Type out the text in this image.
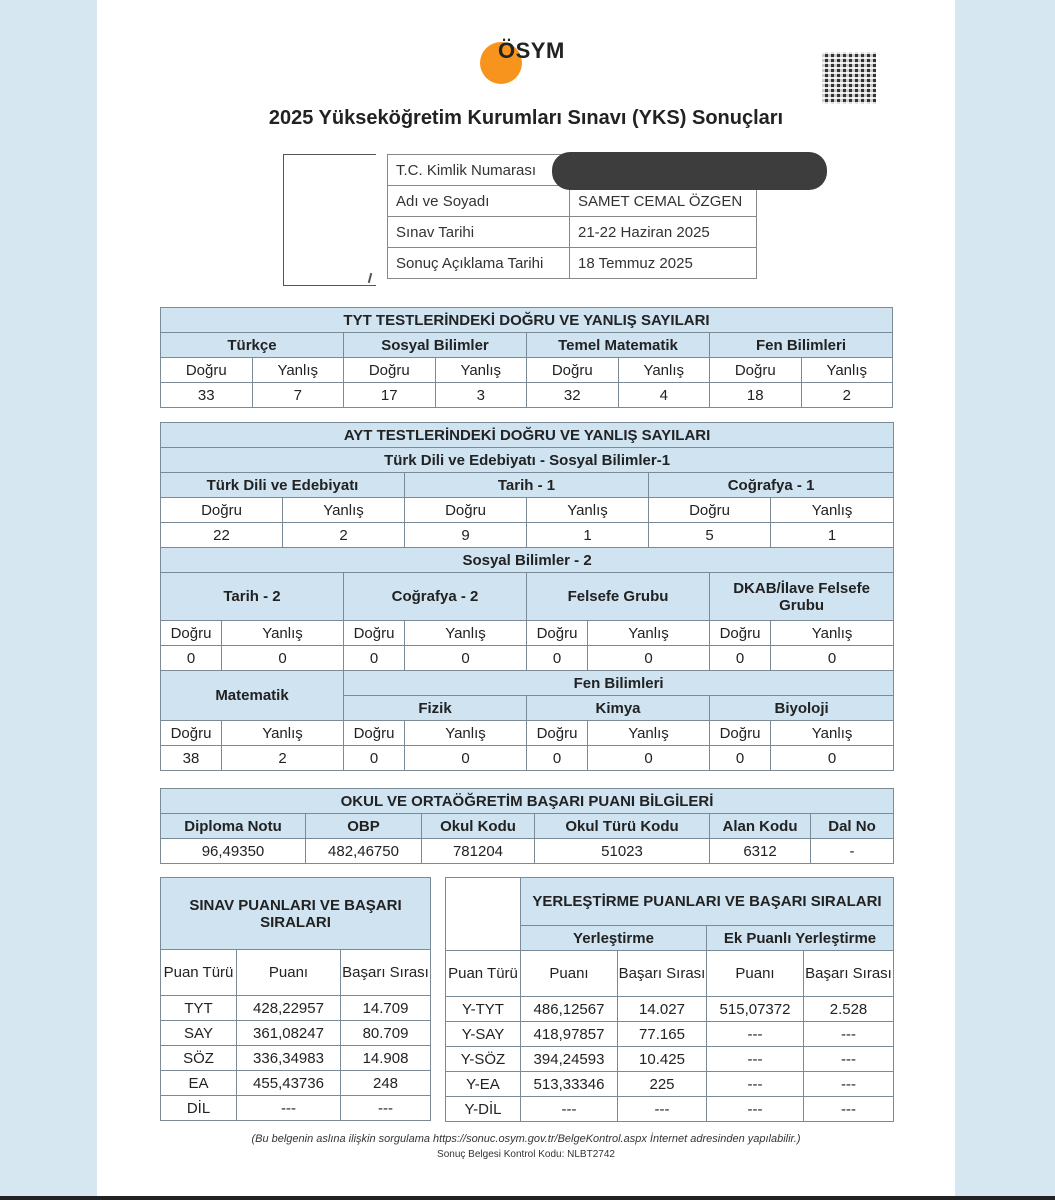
ÖSYM
2025 Yükseköğretim Kurumları Sınavı (YKS) Sonuçları
T.C. Kimlik Numarası	
Adı ve Soyadı	SAMET CEMAL ÖZGEN
Sınav Tarihi	21-22 Haziran 2025
Sonuç Açıklama Tarihi	18 Temmuz 2025
TYT TESTLERİNDEKİ DOĞRU VE YANLIŞ SAYILARI							
Türkçe		Sosyal Bilimler		Temel Matematik		Fen Bilimleri	
Doğru	Yanlış	Doğru	Yanlış	Doğru	Yanlış	Doğru	Yanlış
33	7	17	3	32	4	18	2
AYT TESTLERİNDEKİ DOĞRU VE YANLIŞ SAYILARI									
Türk Dili ve Edebiyatı - Sosyal Bilimler-1									
Türk Dili ve Edebiyatı				Tarih - 1			Coğrafya - 1		
Doğru		Yanlış		Doğru	Yanlış		Doğru		Yanlış
22		2		9	1		5		1
Sosyal Bilimler - 2									
Tarih - 2			Coğrafya - 2		Felsefe Grubu			DKAB/İlave Felsefe Grubu	
Doğru	Yanlış		Doğru	Yanlış	Doğru	Yanlış		Doğru	Yanlış
0	0		0	0	0	0		0	0
Matematik			Fen Bilimleri						
			Fizik		Kimya			Biyoloji	
Doğru	Yanlış		Doğru	Yanlış	Doğru	Yanlış		Doğru	Yanlış
38	2		0	0	0	0		0	0
OKUL VE ORTAÖĞRETİM BAŞARI PUANI BİLGİLERİ					
Diploma Notu	OBP	Okul Kodu	Okul Türü Kodu	Alan Kodu	Dal No
96,49350	482,46750	781204	51023	6312	-
SINAV PUANLARI VE BAŞARI SIRALARI		
Puan Türü	Puanı	Başarı Sırası
TYT	428,22957	14.709
SAY	361,08247	80.709
SÖZ	336,34983	14.908
EA	455,43736	248
DİL	---	---
	YERLEŞTİRME PUANLARI VE BAŞARI SIRALARI			
	Yerleştirme		Ek Puanlı Yerleştirme	
Puan Türü	Puanı	Başarı Sırası	Puanı	Başarı Sırası
Y-TYT	486,12567	14.027	515,07372	2.528
Y-SAY	418,97857	77.165	---	---
Y-SÖZ	394,24593	10.425	---	---
Y-EA	513,33346	225	---	---
Y-DİL	---	---	---	---
(Bu belgenin aslına ilişkin sorgulama https://sonuc.osym.gov.tr/BelgeKontrol.aspx İnternet adresinden yapılabilir.)
Sonuç Belgesi Kontrol Kodu: NLBT2742
